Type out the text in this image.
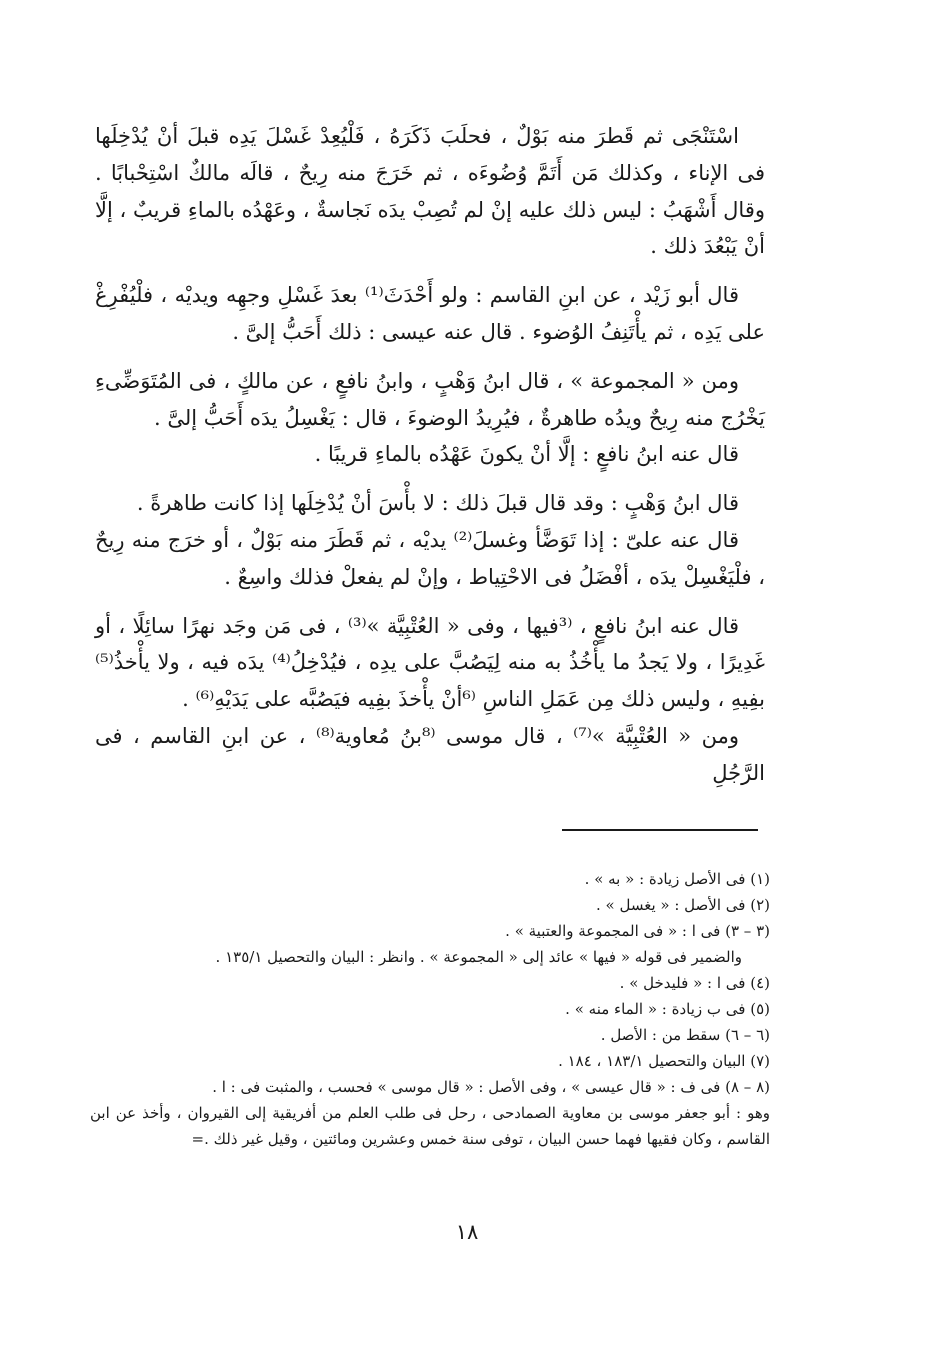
اسْتَنْجَى ثم قَطرَ منه بَوْلٌ ، فحلَبَ ذَكَرَهُ ، فَلْيُعِدْ غَسْلَ يَدِه قبلَ أنْ يُدْخِلَها فى الإناء ، وكذلك مَن أَتَمَّ وُضُوءَه ، ثم خَرَجَ منه رِيحٌ ، قالَه مالكٌ اسْتِحْبابًا . وقال أَشْهَبُ : ليس ذلك عليه إنْ لم تُصِبْ يدَه نَجاسةٌ ، وعَهْدُه بالماءِ قريبٌ ، إلَّا أنْ يَبْعُدَ ذلك .

قال أبو زَيْد ، عن ابنِ القاسم : ولو أَحْدَثَ⁽¹⁾ بعدَ غَسْلِ وجهِه ويديْه ، فلْيُفْرِغْ على يَدِه ، ثم يأْتَنِفُ الوُضوء . قال عنه عيسى : ذلك أَحَبُّ إلىَّ .

ومن « المجموعة » ، قال ابنُ وَهْبٍ ، وابنُ نافعٍ ، عن مالكٍ ، فى المُتَوَضِّىءِ يَخْرُج منه رِيحٌ ويدُه طاهرةٌ ، فيُرِيدُ الوضوءَ ، قال : يَغْسِلُ يدَه أَحَبُّ إلىَّ .

قال عنه ابنُ نافعٍ : إلَّا أنْ يكونَ عَهْدُه بالماءِ قريبًا .

قال ابنُ وَهْبٍ : وقد قال قبلَ ذلك : لا بأْسَ أنْ يُدْخِلَها إذا كانت طاهرةً .

قال عنه علىّ : إذا تَوَضَّأ وغسلَ⁽²⁾ يديْه ، ثم قَطَرَ منه بَوْلٌ ، أو خرَج منه رِيحٌ ، فلْيَغْسِلْ يدَه ، أفْضَلُ فى الاحْتِياط ، وإنْ لم يفعلْ فذلك واسِعٌ .

قال عنه ابنُ نافعٍ ، ⁽³فيها ، وفى « العُتْبِيَّة »⁽³⁾ ، فى مَن وجَد نهرًا سائِلًا ، أو غَدِيرًا ، ولا يَجدُ ما يأْخُذُ به منه لِيَصُبَّ على يدِه ، فيُدْخِلُ⁽⁴⁾ يدَه فيه ، ولا يأْخذُ⁽⁵⁾ بفِيهِ ، وليس ذلك مِن عَمَلِ الناسِ ⁽⁶أنْ يأْخذَ بفِيه فيَصُبَّه على يَدَيْهِ⁽⁶⁾ .

ومن « العُتْبِيَّة »⁽⁷⁾ ، قال موسى ⁽⁸بنُ مُعاوية⁽⁸⁾ ، عن ابنِ القاسم ، فى الرَّجُلِ

(١) فى الأصل زيادة : « به » .

(٢) فى الأصل : « يغسل » .

(٣ – ٣) فى ا : « فى المجموعة والعتبية » .

والضمير فى قوله « فيها » عائد إلى « المجموعة » . وانظر : البيان والتحصيل ١٣٥/١ .

(٤) فى ا : « فليدخل » .

(٥) فى ب زيادة : « الماء منه » .

(٦ – ٦) سقط من : الأصل .

(٧) البيان والتحصيل ١٨٣/١ ، ١٨٤ .

(٨ – ٨) فى ف : « قال عيسى » ، وفى الأصل : « قال موسى » فحسب ، والمثبت فى : ا .

وهو : أبو جعفر موسى بن معاوية الصمادحى ، رحل فى طلب العلم من أفريقية إلى القيروان ، وأخذ عن ابن القاسم ، وكان فقيها فهما حسن البيان ، توفى سنة خمس وعشرين ومائتين ، وقيل غير ذلك .=

١٨
